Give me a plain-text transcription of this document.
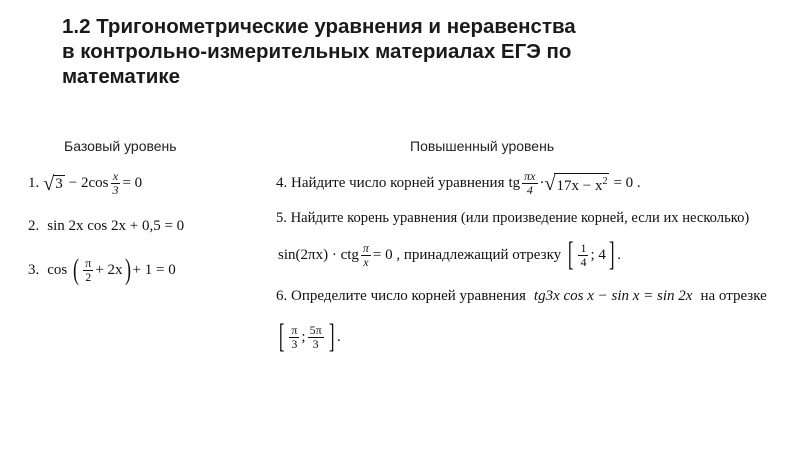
1.2 Тригонометрические уравнения и неравенства
в контрольно-измерительных материалах ЕГЭ по
математике
Базовый уровень	Повышенный уровень
1. √ $3 - 2\cos \frac{x}{3} = 0$
2. sin 2x cos 2x + 0,5 = 0
3. cos ( $\frac{\pi}{2} + 2x$ ) + 1 = 0
4. Найдите число корней уравнения tg $\frac{\pi x}{4}$ · √ $17x - x^2 = 0$ .
5. Найдите корень уравнения (или произведение корней, если их несколько)
sin(2πx) · ctg $\frac{\pi}{x} = 0$ , принадлежащий отрезку [ $\frac{1}{4}$ ; 4 ] .
6. Определите число корней уравнения tg3x cos x − sin x = sin 2x на отрезке
[ $\frac{\pi}{3}$ ; $\frac{5\pi}{3}$ ] .
